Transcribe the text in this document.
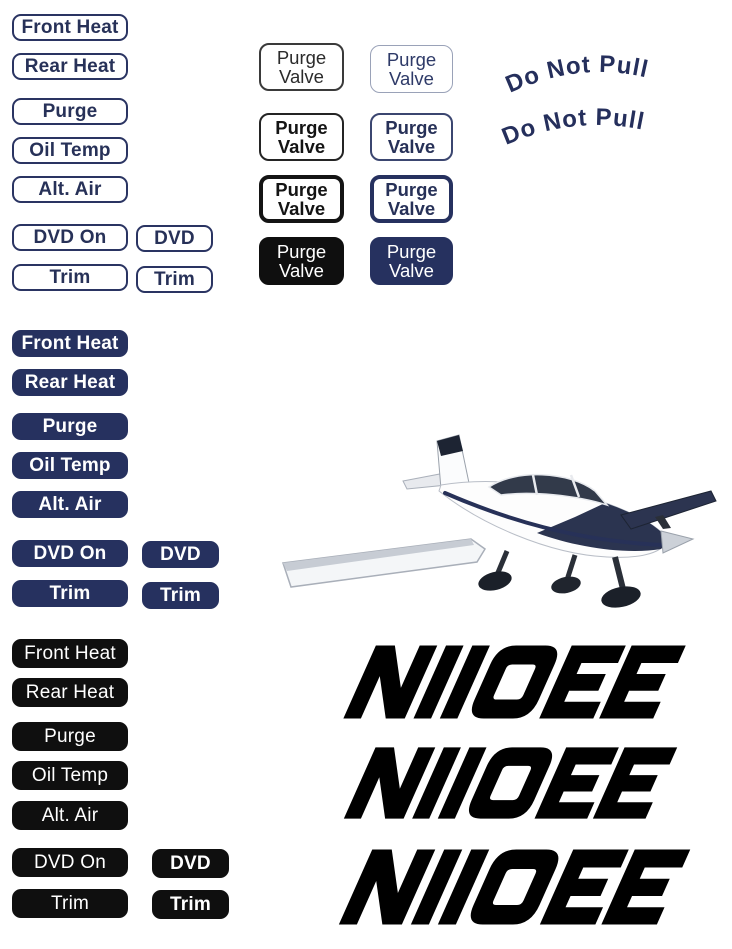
Front Heat
Rear Heat
Purge
Oil Temp
Alt. Air
DVD On	DVD
Trim	Trim
Purge
Valve
Purge
Valve
Purge
Valve
Purge
Valve
Purge
Valve
Purge
Valve
Purge
Valve
Purge
Valve
Do Not Pull
Do Not Pull
Front Heat
Rear Heat
Purge
Oil Temp
Alt. Air
DVD On	DVD
Trim	Trim
Front Heat
Rear Heat
Purge
Oil Temp
Alt. Air
DVD On	DVD
Trim	Trim
